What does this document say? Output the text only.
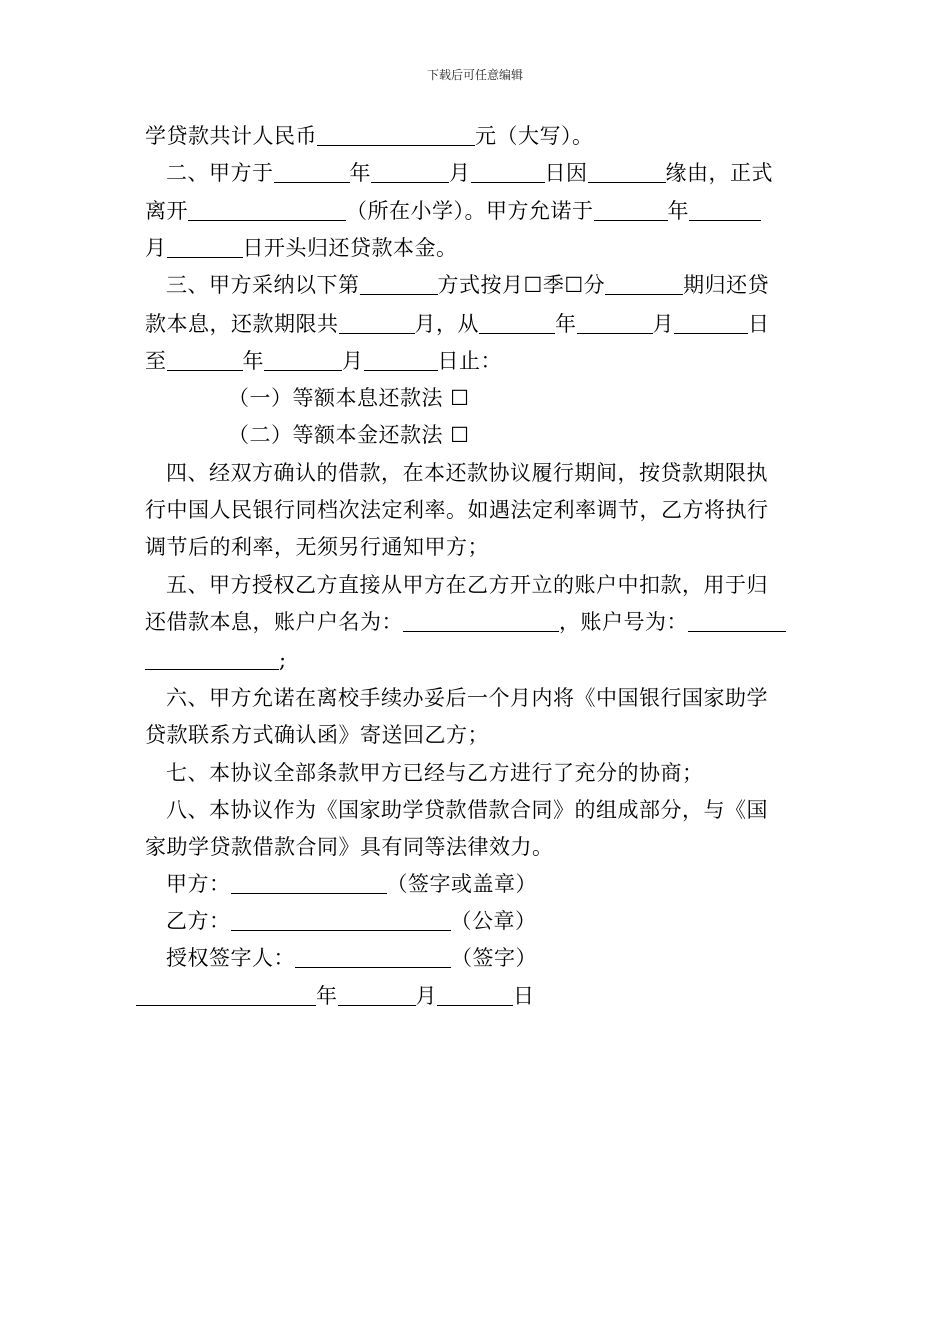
下载后可任意编辑
学贷款共计人民币	元（大写）。
二、甲方于	年	月	日因	缘由，正式
离开	（所在小学）。甲方允诺于	年
月	日开头归还贷款本金。
三、甲方采纳以下第	方式按月☐季☐分	期归还贷
款本息，还款期限共	月，从	年	月	日
至	年	月	日止：
（一）等额本息还款法 ☐
（二）等额本金还款法 ☐
四、经双方确认的借款，在本还款协议履行期间，按贷款期限执
行中国人民银行同档次法定利率。如遇法定利率调节，乙方将执行
调节后的利率，无须另行通知甲方；
五、甲方授权乙方直接从甲方在乙方开立的账户中扣款，用于归
还借款本息，账户户名为：	，账户号为：
;
六、甲方允诺在离校手续办妥后一个月内将《中国银行国家助学
贷款联系方式确认函》寄送回乙方；
七、本协议全部条款甲方已经与乙方进行了充分的协商；
八、本协议作为《国家助学贷款借款合同》的组成部分，与《国
家助学贷款借款合同》具有同等法律效力。
甲方：	（签字或盖章）
乙方：	（公章）
授权签字人：	（签字）
年	月	日
